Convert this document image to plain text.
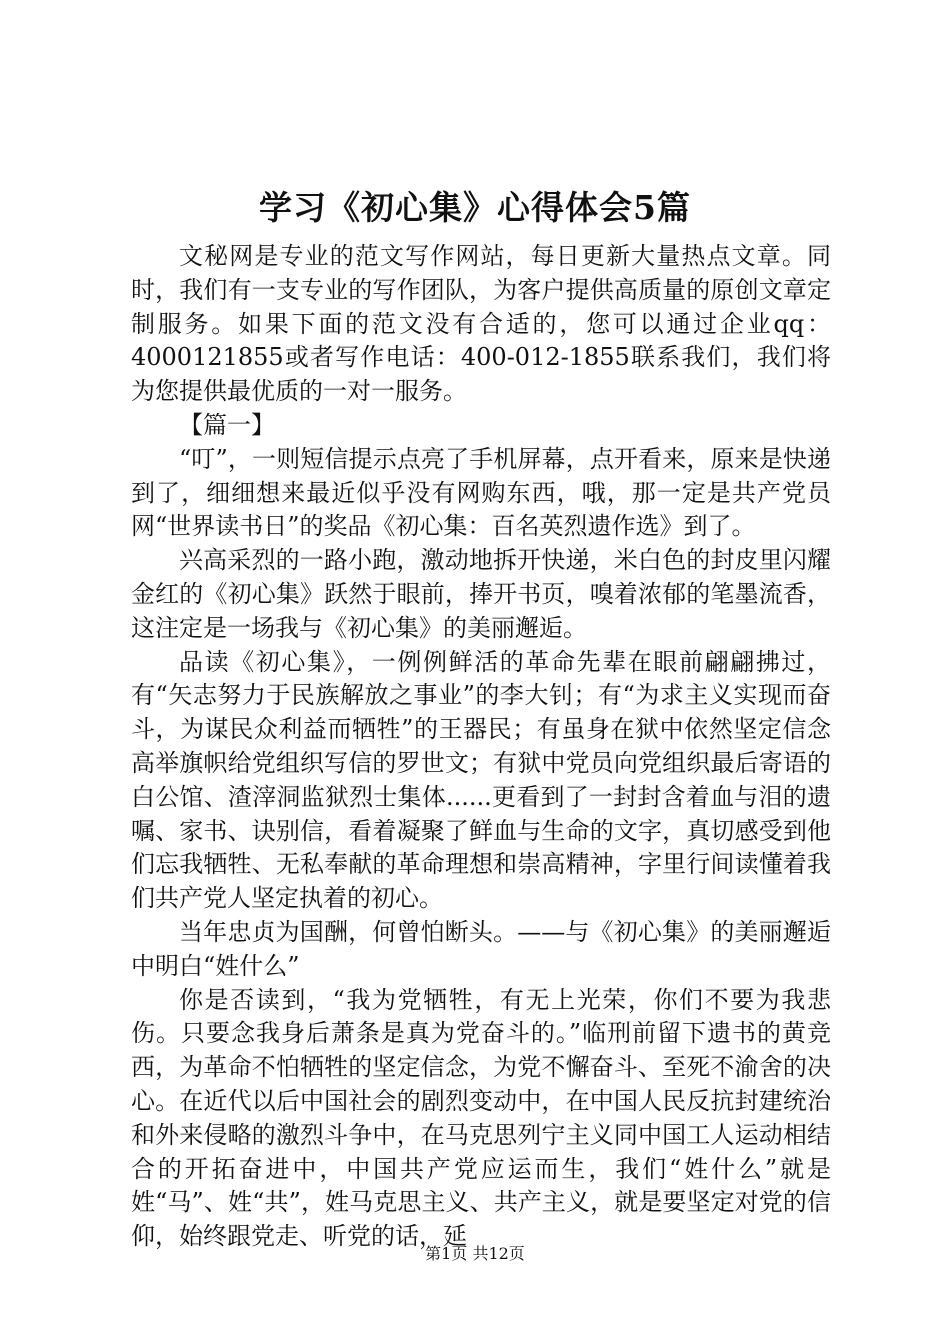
学习《初心集》心得体会5篇

文秘网是专业的范文写作网站，每日更新大量热点文章。同时，我们有一支专业的写作团队，为客户提供高质量的原创文章定制服务。如果下面的范文没有合适的，您可以通过企业qq：4000121855或者写作电话：400-012-1855联系我们，我们将为您提供最优质的一对一服务。

【篇一】

“叮”，一则短信提示点亮了手机屏幕，点开看来，原来是快递到了，细细想来最近似乎没有网购东西，哦，那一定是共产党员网“世界读书日”的奖品《初心集：百名英烈遗作选》到了。

兴高采烈的一路小跑，激动地拆开快递，米白色的封皮里闪耀金红的《初心集》跃然于眼前，捧开书页，嗅着浓郁的笔墨流香，这注定是一场我与《初心集》的美丽邂逅。

品读《初心集》，一例例鲜活的革命先辈在眼前翩翩拂过，有“矢志努力于民族解放之事业”的李大钊；有“为求主义实现而奋斗，为谋民众利益而牺牲”的王器民；有虽身在狱中依然坚定信念高举旗帜给党组织写信的罗世文；有狱中党员向党组织最后寄语的白公馆、渣滓洞监狱烈士集体......更看到了一封封含着血与泪的遗嘱、家书、诀别信，看着凝聚了鲜血与生命的文字，真切感受到他们忘我牺牲、无私奉献的革命理想和崇高精神，字里行间读懂着我们共产党人坚定执着的初心。

当年忠贞为国酬，何曾怕断头。——与《初心集》的美丽邂逅中明白“姓什么”

你是否读到，“我为党牺牲，有无上光荣，你们不要为我悲伤。只要念我身后萧条是真为党奋斗的。”临刑前留下遗书的黄竞西，为革命不怕牺牲的坚定信念，为党不懈奋斗、至死不渝舍的决心。在近代以后中国社会的剧烈变动中，在中国人民反抗封建统治和外来侵略的激烈斗争中，在马克思列宁主义同中国工人运动相结合的开拓奋进中，中国共产党应运而生，我们“姓什么”就是姓“马”、姓“共”，姓马克思主义、共产主义，就是要坚定对党的信仰，始终跟党走、听党的话，延

第1页 共12页
